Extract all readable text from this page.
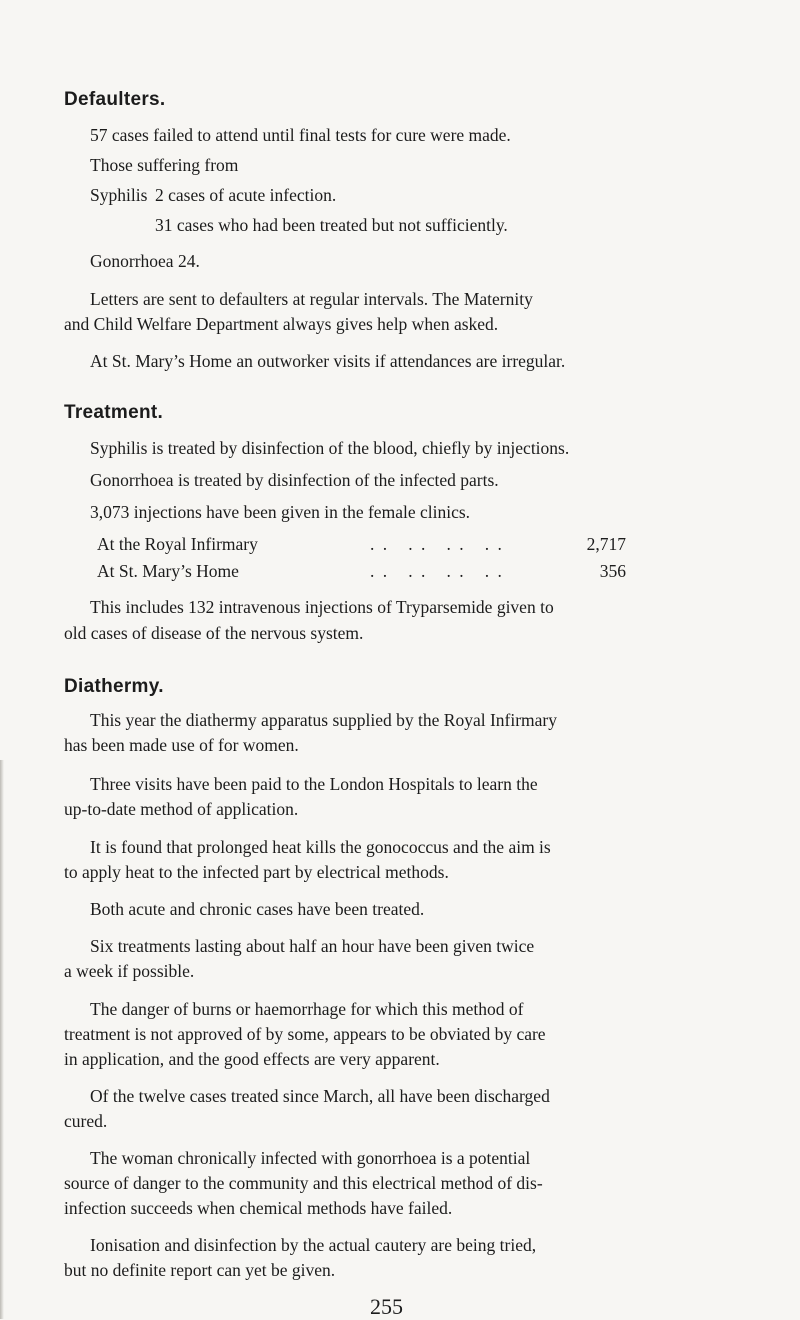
Defaulters.
57 cases failed to attend until final tests for cure were made.
Those suffering from
Syphilis 2 cases of acute infection.
31 cases who had been treated but not sufficiently.
Gonorrhoea 24.
Letters are sent to defaulters at regular intervals. The Maternity
and Child Welfare Department always gives help when asked.
At St. Mary’s Home an outworker visits if attendances are irregular.
Treatment.
Syphilis is treated by disinfection of the blood, chiefly by injections.
Gonorrhoea is treated by disinfection of the infected parts.
3,073 injections have been given in the female clinics.
At the Royal Infirmary	. .   . .   . .   . .	2,717
At St. Mary’s Home	. .   . .   . .   . .	356
This includes 132 intravenous injections of Tryparsemide given to
old cases of disease of the nervous system.
Diathermy.
This year the diathermy apparatus supplied by the Royal Infirmary
has been made use of for women.
Three visits have been paid to the London Hospitals to learn the
up-to-date method of application.
It is found that prolonged heat kills the gonococcus and the aim is
to apply heat to the infected part by electrical methods.
Both acute and chronic cases have been treated.
Six treatments lasting about half an hour have been given twice
a week if possible.
The danger of burns or haemorrhage for which this method of
treatment is not approved of by some, appears to be obviated by care
in application, and the good effects are very apparent.
Of the twelve cases treated since March, all have been discharged
cured.
The woman chronically infected with gonorrhoea is a potential
source of danger to the community and this electrical method of dis-
infection succeeds when chemical methods have failed.
Ionisation and disinfection by the actual cautery are being tried,
but no definite report can yet be given.
255
